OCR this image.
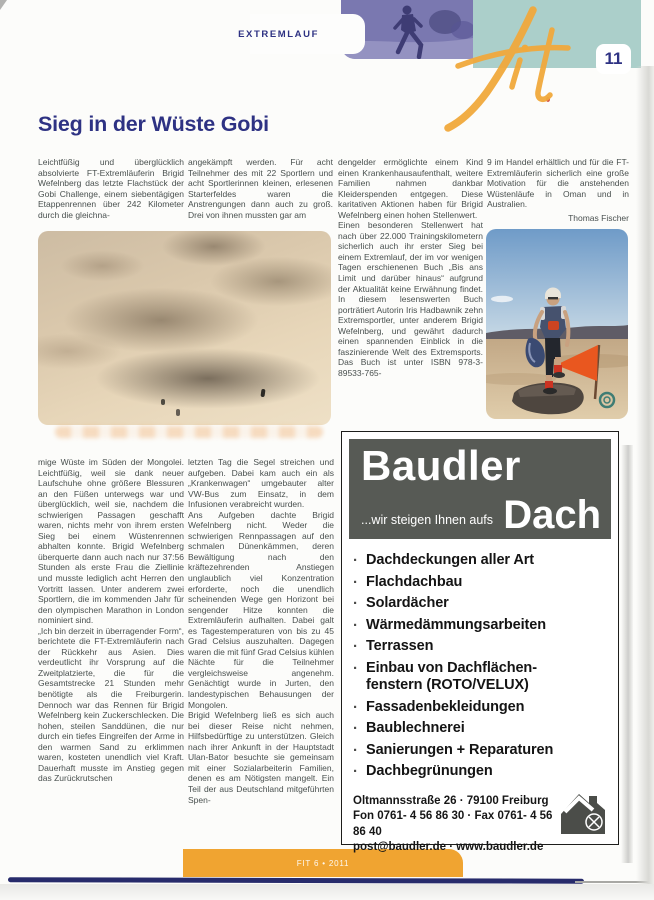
EXTREMLAUF
11
Sieg in der Wüste Gobi

Leichtfüßig und überglücklich absolvierte FT-Extremläuferin Brigid Wefelnberg das letzte Flachstück der Gobi Challenge, einem siebentägigen Etappenrennen über 242 Kilometer durch die gleichna-

angekämpft werden. Für acht Teilnehmer des mit 22 Sportlern und acht Sportlerinnen kleinen, erlesenen Starterfeldes waren die Anstrengungen dann auch zu groß. Drei von ihnen mussten gar am

dengelder ermöglichte einem Kind einen Krankenhausaufenthalt, weitere Familien nahmen dankbar Kleiderspenden entgegen. Diese karitativen Aktionen haben für Brigid Wefelnberg einen hohen Stellenwert.

Einen besonderen Stellenwert hat nach über 22.000 Trainingskilometern sicherlich auch ihr erster Sieg bei einem Extremlauf, der im vor wenigen Tagen erschienenen Buch „Bis ans Limit und darüber hinaus“ aufgrund der Aktualität keine Erwähnung findet. In diesem lesenswerten Buch porträtiert Autorin Iris Hadbawnik zehn Extremsportler, unter anderem Brigid Wefelnberg, und gewährt dadurch einen spannenden Einblick in die faszinierende Welt des Extremsports. Das Buch ist unter ISBN 978-3-89533-765-

9 im Handel erhältlich und für die FT-Extremläuferin sicherlich eine große Motivation für die anstehenden Wüstenläufe in Oman und in Australien.

Thomas Fischer

mige Wüste im Süden der Mongolei. Leichtfüßig, weil sie dank neuer Laufschuhe ohne größere Blessuren an den Füßen unterwegs war und überglücklich, weil sie, nachdem die schwierigen Passagen geschafft waren, nichts mehr von ihrem ersten Sieg bei einem Wüstenrennen abhalten konnte. Brigid Wefelnberg überquerte dann auch nach nur 37:56 Stunden als erste Frau die Ziellinie und musste lediglich acht Herren den Vortritt lassen. Unter anderem zwei Sportlern, die im kommenden Jahr für den olympischen Marathon in London nominiert sind.

„Ich bin derzeit in überragender Form“, berichtete die FT-Extremläuferin nach der Rückkehr aus Asien. Dies verdeutlicht ihr Vorsprung auf die Zweitplatzierte, die für die Gesamtstrecke 21 Stunden mehr benötigte als die Freiburgerin. Dennoch war das Rennen für Brigid Wefelnberg kein Zuckerschlecken. Die hohen, steilen Sanddünen, die nur durch ein tiefes Eingreifen der Arme in den warmen Sand zu erklimmen waren, kosteten unendlich viel Kraft. Dauerhaft musste im Anstieg gegen das Zurückrutschen

letzten Tag die Segel streichen und aufgeben. Dabei kam auch ein als „Krankenwagen“ umgebauter alter VW-Bus zum Einsatz, in dem Infusionen verabreicht wurden.

Ans Aufgeben dachte Brigid Wefelnberg nicht. Weder die schwierigen Rennpassagen auf den schmalen Dünenkämmen, deren Bewältigung nach den kräftezehrenden Anstiegen unglaublich viel Konzentration erforderte, noch die unendlich scheinenden Wege gen Horizont bei sengender Hitze konnten die Extremläuferin aufhalten. Dabei galt es Tagestemperaturen von bis zu 45 Grad Celsius auszuhalten. Dagegen waren die mit fünf Grad Celsius kühlen Nächte für die Teilnehmer vergleichsweise angenehm. Genächtigt wurde in Jurten, den landestypischen Behausungen der Mongolen.

Brigid Wefelnberg ließ es sich auch bei dieser Reise nicht nehmen, Hilfsbedürftige zu unterstützen. Gleich nach ihrer Ankunft in der Hauptstadt Ulan-Bator besuchte sie gemeinsam mit einer Sozialarbeiterin Familien, denen es am Nötigsten mangelt. Ein Teil der aus Deutschland mitgeführten Spen-

Baudler
...wir steigen Ihnen aufs Dach
· Dachdeckungen aller Art
· Flachdachbau
· Solardächer
· Wärmedämmungsarbeiten
· Terrassen
· Einbau von Dachflächen-fenstern (ROTO/VELUX)
· Fassadenbekleidungen
· Baublechnerei
· Sanierungen + Reparaturen
· Dachbegrünungen
Oltmannsstraße 26 · 79100 Freiburg
Fon 0761- 4 56 86 30 · Fax 0761- 4 56 86 40
post@baudler.de · www.baudler.de
FIT 6 • 2011
